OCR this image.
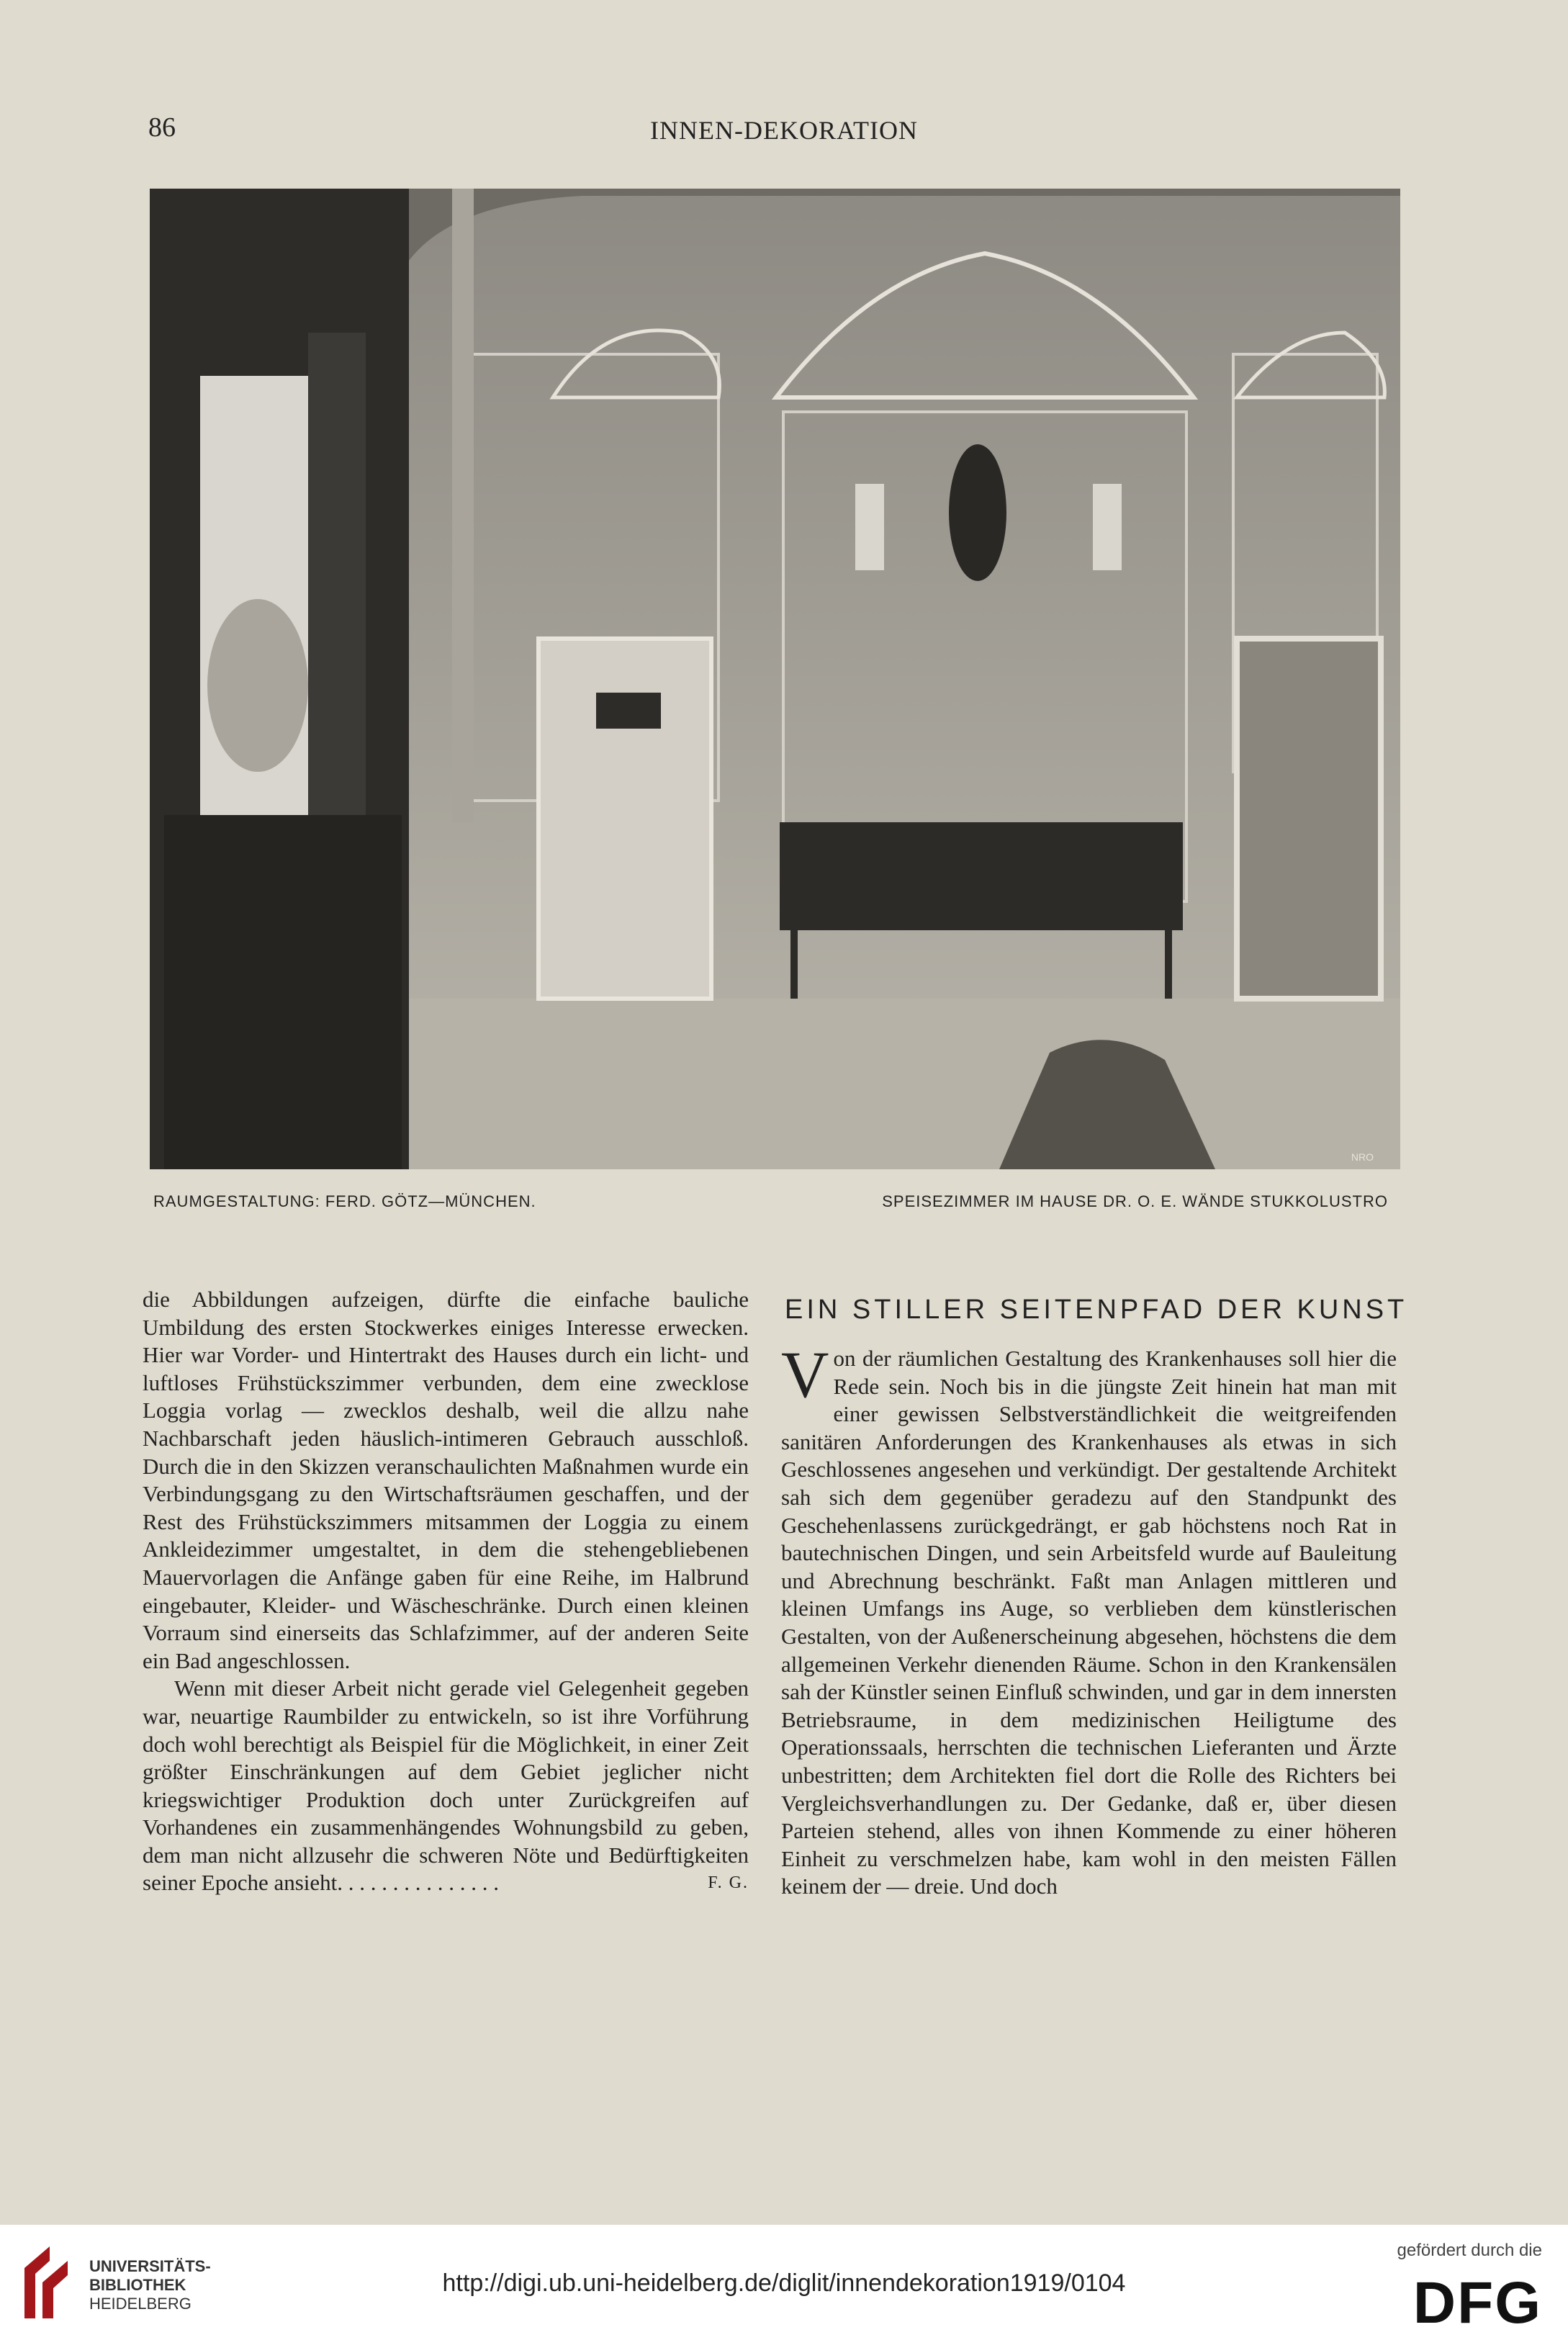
86	INNEN-DEKORATION
NRO
RAUMGESTALTUNG: FERD. GÖTZ—MÜNCHEN.	SPEISEZIMMER IM HAUSE DR. O. E. WÄNDE STUKKOLUSTRO

die Abbildungen aufzeigen, dürfte die einfache bauliche Umbildung des ersten Stockwerkes einiges Interesse erwecken. Hier war Vorder- und Hintertrakt des Hauses durch ein licht- und luftloses Frühstückszimmer verbunden, dem eine zwecklose Loggia vorlag — zwecklos deshalb, weil die allzu nahe Nachbarschaft jeden häuslich-intimeren Gebrauch ausschloß. Durch die in den Skizzen veranschaulichten Maßnahmen wurde ein Verbindungsgang zu den Wirtschaftsräumen geschaffen, und der Rest des Frühstückszimmers mitsammen der Loggia zu einem Ankleidezimmer umgestaltet, in dem die stehengebliebenen Mauervorlagen die Anfänge gaben für eine Reihe, im Halbrund eingebauter, Kleider- und Wäscheschränke. Durch einen kleinen Vorraum sind einerseits das Schlafzimmer, auf der anderen Seite ein Bad angeschlossen.

Wenn mit dieser Arbeit nicht gerade viel Gelegenheit gegeben war, neuartige Raumbilder zu entwickeln, so ist ihre Vorführung doch wohl berechtigt als Beispiel für die Möglichkeit, in einer Zeit größter Einschränkungen auf dem Gebiet jeglicher nicht kriegswichtiger Produktion doch unter Zurückgreifen auf Vorhandenes ein zusammenhängendes Wohnungsbild zu geben, dem man nicht allzusehr die schweren Nöte und Bedürftigkeiten seiner Epoche ansieht. . . . . . . . . . . . . . .	F. G.

EIN STILLER SEITENPFAD DER KUNST

Von der räumlichen Gestaltung des Krankenhauses soll hier die Rede sein. Noch bis in die jüngste Zeit hinein hat man mit einer gewissen Selbstverständlichkeit die weitgreifenden sanitären Anforderungen des Krankenhauses als etwas in sich Geschlossenes angesehen und verkündigt. Der gestaltende Architekt sah sich dem gegenüber geradezu auf den Standpunkt des Geschehenlassens zurückgedrängt, er gab höchstens noch Rat in bautechnischen Dingen, und sein Arbeitsfeld wurde auf Bauleitung und Abrechnung beschränkt. Faßt man Anlagen mittleren und kleinen Umfangs ins Auge, so verblieben dem künstlerischen Gestalten, von der Außenerscheinung abgesehen, höchstens die dem allgemeinen Verkehr dienenden Räume. Schon in den Krankensälen sah der Künstler seinen Einfluß schwinden, und gar in dem innersten Betriebsraume, in dem medizinischen Heiligtume des Operationssaals, herrschten die technischen Lieferanten und Ärzte unbestritten; dem Architekten fiel dort die Rolle des Richters bei Vergleichsverhandlungen zu. Der Gedanke, daß er, über diesen Parteien stehend, alles von ihnen Kommende zu einer höheren Einheit zu verschmelzen habe, kam wohl in den meisten Fällen keinem der — dreie. Und doch

UNIVERSITÄTS-
BIBLIOTHEK
HEIDELBERG
http://digi.ub.uni-heidelberg.de/diglit/innendekoration1919/0104
gefördert durch die
DFG
